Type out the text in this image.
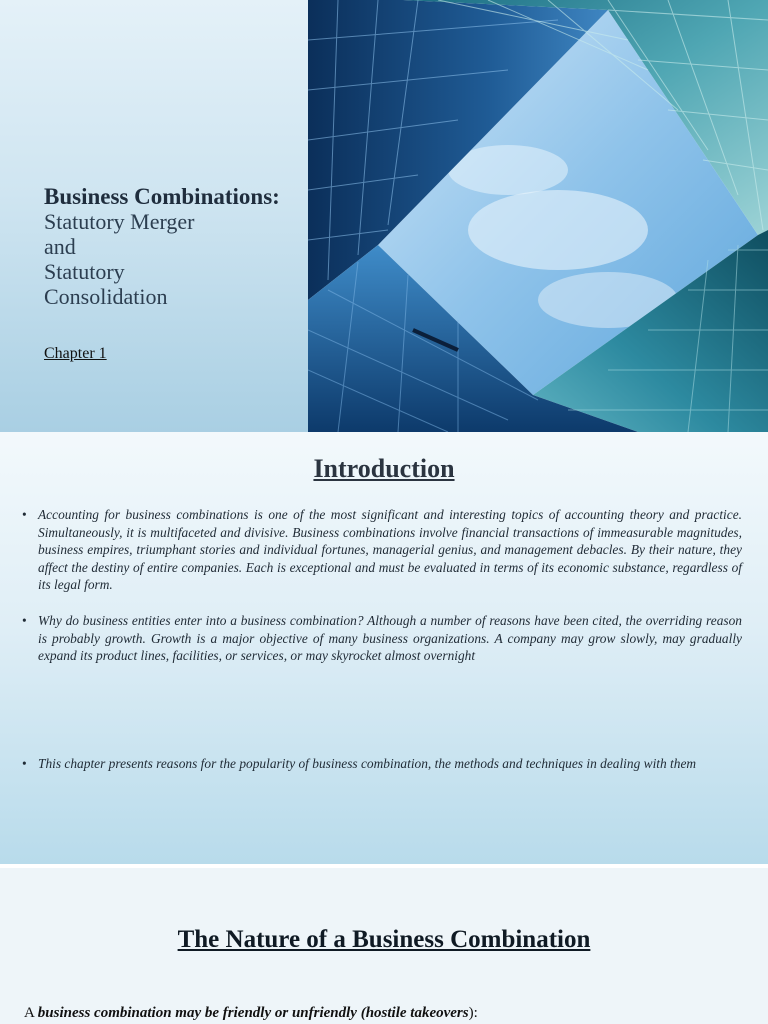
Business Combinations:
Statutory Merger
and
Statutory
Consolidation
Chapter 1
Introduction
• Accounting for business combinations is one of the most significant and interesting topics of accounting theory and practice. Simultaneously, it is multifaceted and divisive. Business combinations involve financial transactions of immeasurable magnitudes, business empires, triumphant stories and individual fortunes, managerial genius, and management debacles. By their nature, they affect the destiny of entire companies. Each is exceptional and must be evaluated in terms of its economic substance, regardless of its legal form.
• Why do business entities enter into a business combination? Although a number of reasons have been cited, the overriding reason is probably growth. Growth is a major objective of many business organizations. A company may grow slowly, may gradually expand its product lines, facilities, or services, or may skyrocket almost overnight
• This chapter presents reasons for the popularity of business combination, the methods and techniques in dealing with them
The Nature of a Business Combination
A business combination may be friendly or unfriendly (hostile takeovers):
